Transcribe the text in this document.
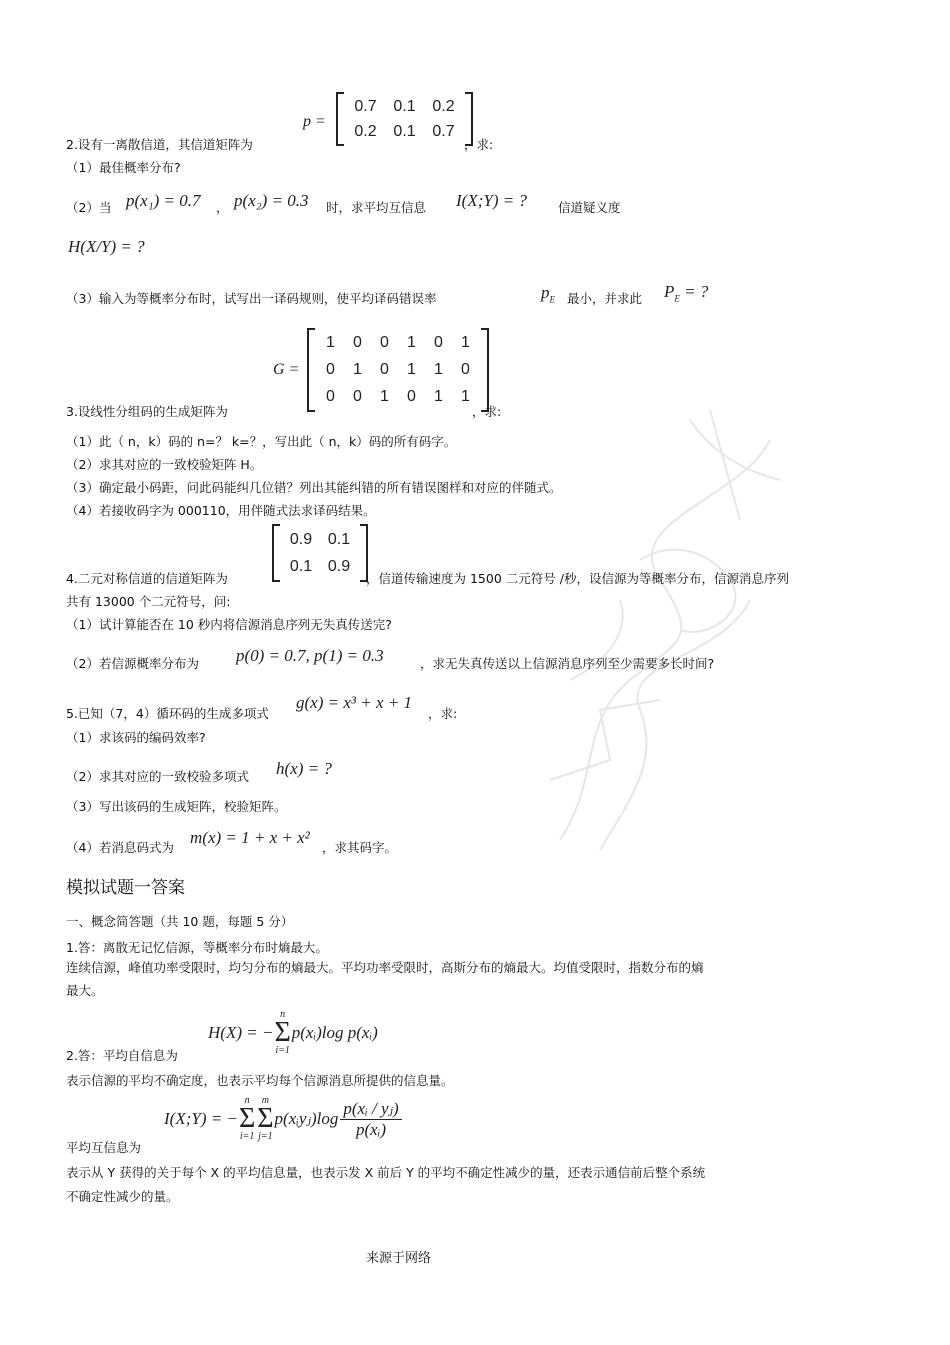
p =
0.7	0.1	0.2
0.2	0.1	0.7
2.设有一离散信道，其信道矩阵为	，求:
（1）最佳概率分布?
（2）当 p(x₁) = 0.7 ， p(x₂) = 0.3 时，求平均互信息 I(X;Y) = ? 信道疑义度
H(X/Y) = ?
（3）输入为等概率分布时，试写出一译码规则，使平均译码错误率	$p_E$ 最小，并求此 $P_E$ = ?
G =
1	0	0	1	0	1
0	1	0	1	1	0
0	0	1	0	1	1
3.设线性分组码的生成矩阵为	，求:
（1）此（ n，k）码的 n=？ k=？，写出此（ n，k）码的所有码字。
（2）求其对应的一致校验矩阵 H。
（3）确定最小码距，问此码能纠几位错？列出其能纠错的所有错误图样和对应的伴随式。
（4）若接收码字为 000110，用伴随式法求译码结果。
0.9 0.1
0.1 0.9
4.二元对称信道的信道矩阵为	，信道传输速度为 1500 二元符号 /秒，设信源为等概率分布，信源消息序列
共有 13000 个二元符号，问:
（1）试计算能否在 10 秒内将信源消息序列无失真传送完?
（2）若信源概率分布为 p(0) = 0.7, p(1) = 0.3	，求无失真传送以上信源消息序列至少需要多长时间?
5.已知（7，4）循环码的生成多项式
g(x) = x³ + x + 1
，求:
（1）求该码的编码效率?
（2）求其对应的一致校验多项式 h(x) = ?
（3）写出该码的生成矩阵，校验矩阵。
（4）若消息码式为
m(x) = 1 + x + x²
，求其码字。
模拟试题一答案
一、概念简答题（共 10 题，每题 5 分）
1.答：离散无记忆信源，等概率分布时熵最大。
连续信源，峰值功率受限时，均匀分布的熵最大。平均功率受限时，高斯分布的熵最大。均值受限时，指数分布的熵
最大。
H(X) = −
n
Σ
i=1
p(xᵢ)log p(xᵢ)
2.答：平均自信息为
表示信源的平均不确定度，也表示平均每个信源消息所提供的信息量。
I(X;Y) = −
n
Σ
i=1
m
Σ
j=1
p(xᵢyⱼ)log $\frac{\text{p(xᵢ / yⱼ)}}{\text{p(xᵢ)}}$
平均互信息为
表示从 Y 获得的关于每个 X 的平均信息量，也表示发 X 前后 Y 的平均不确定性减少的量，还表示通信前后整个系统
不确定性减少的量。
来源于网络
